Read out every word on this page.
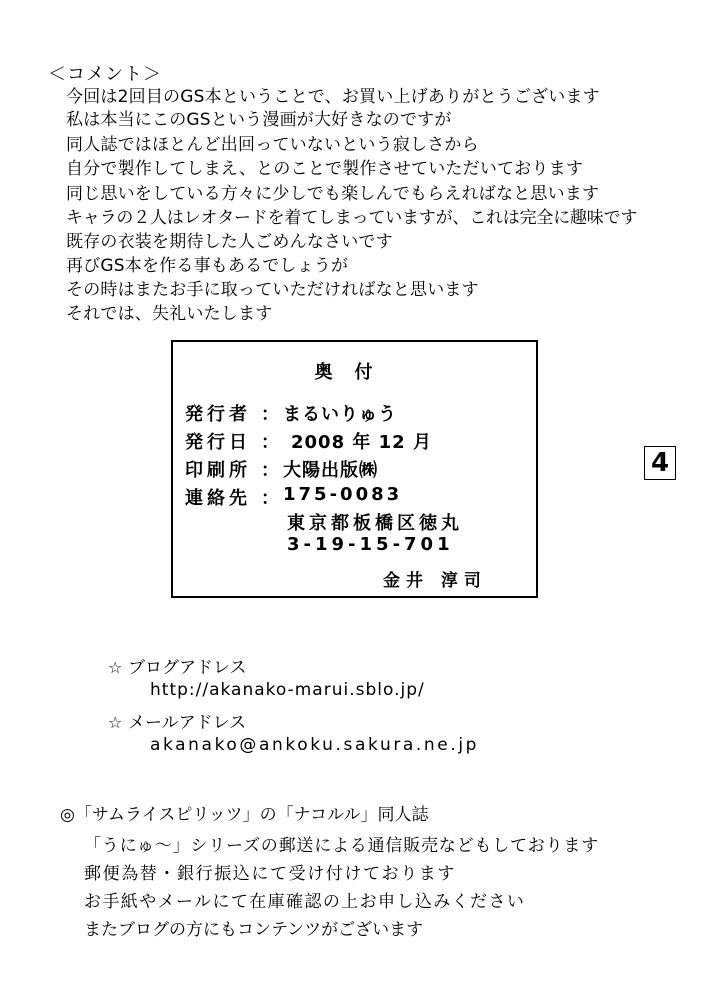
＜コメント＞
今回は2回目のGS本ということで、お買い上げありがとうございます
私は本当にこのGSという漫画が大好きなのですが
同人誌ではほとんど出回っていないという寂しさから
自分で製作してしまえ、とのことで製作させていただいております
同じ思いをしている方々に少しでも楽しんでもらえればなと思います
キャラの２人はレオタードを着てしまっていますが、これは完全に趣味です
既存の衣装を期待した人ごめんなさいです
再びGS本を作る事もあるでしょうが
その時はまたお手に取っていただければなと思います
それでは、失礼いたします
奥付
発行者 ： まるいりゅう
発行日 ： 2008 年 12 月
印刷所 ： 大陽出版㈱
連絡先 ： 175-0083
東京都板橋区徳丸
3-19-15-701
金井 淳司
4
☆ ブログアドレス
http://akanako-marui.sblo.jp/
☆ メールアドレス
akanako@ankoku.sakura.ne.jp
◎「サムライスピリッツ」の「ナコルル」同人誌
「うにゅ〜」シリーズの郵送による通信販売などもしております
郵便為替・銀行振込にて受け付けております
お手紙やメールにて在庫確認の上お申し込みください
またブログの方にもコンテンツがございます
